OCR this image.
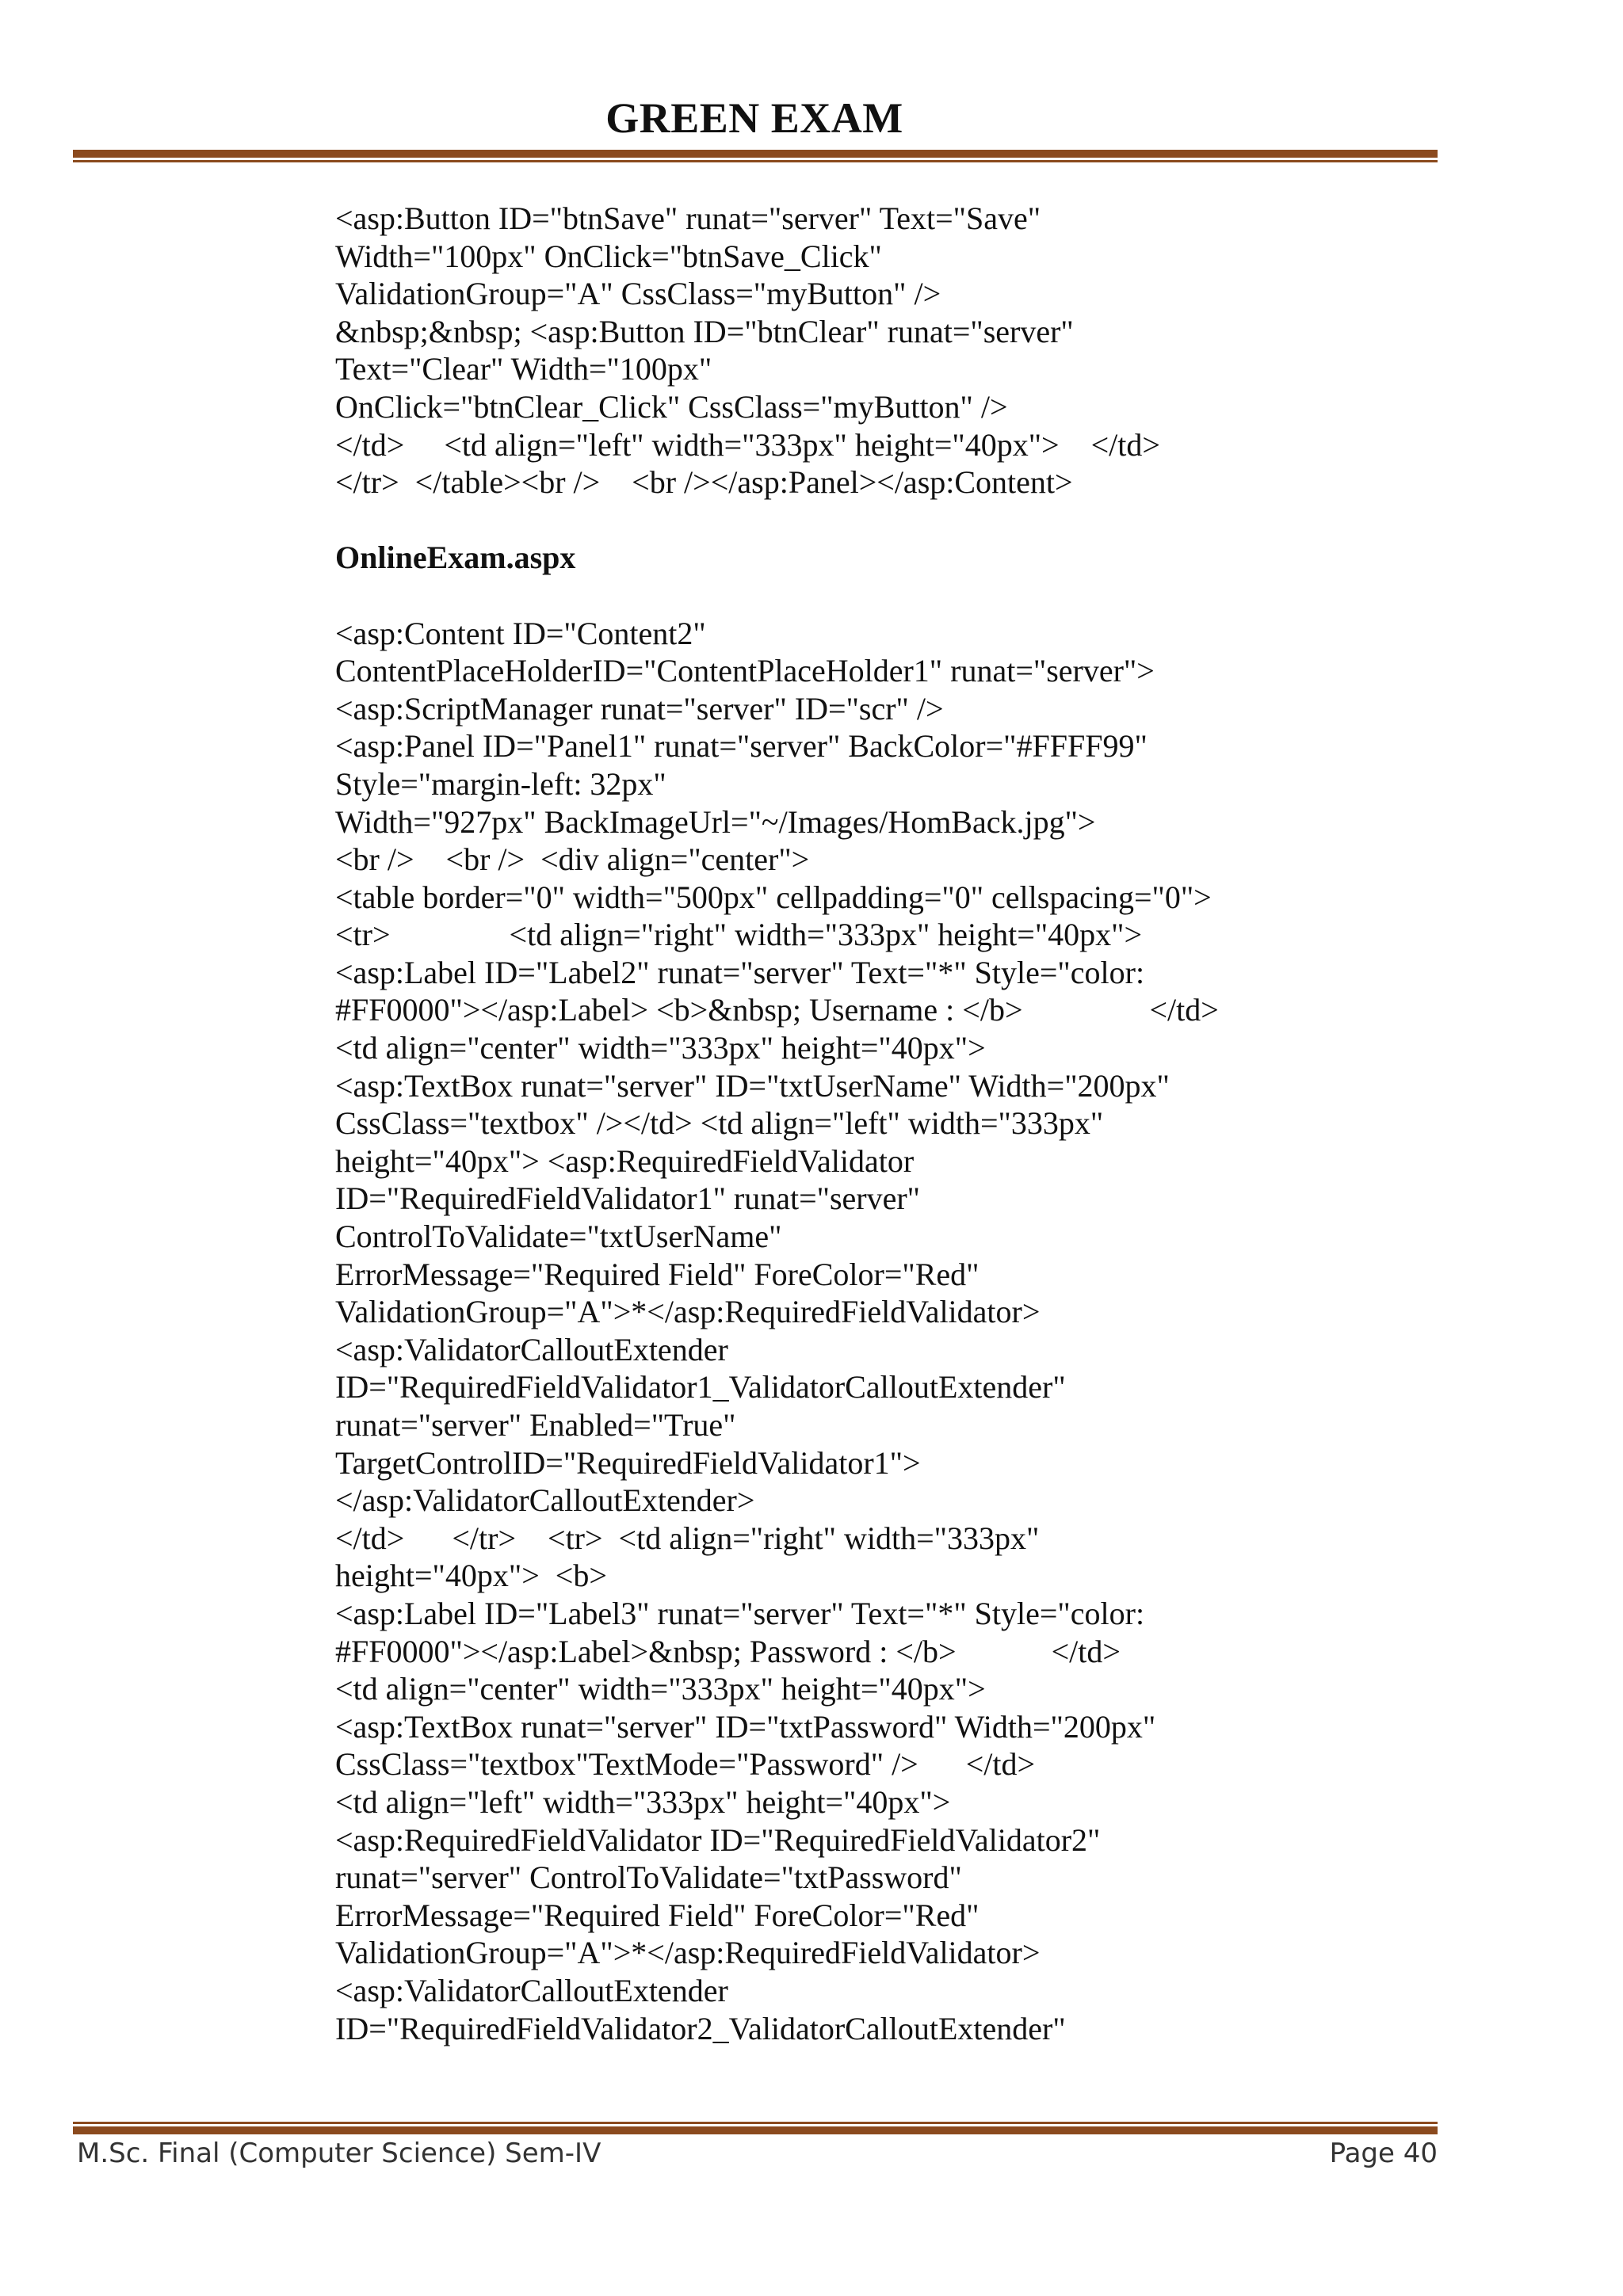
GREEN EXAM
<asp:Button ID="btnSave" runat="server" Text="Save"
Width="100px" OnClick="btnSave_Click"
ValidationGroup="A" CssClass="myButton" />
&nbsp;&nbsp; <asp:Button ID="btnClear" runat="server"
Text="Clear" Width="100px"
OnClick="btnClear_Click" CssClass="myButton" />
</td>     <td align="left" width="333px" height="40px">    </td>
</tr>  </table><br />    <br /></asp:Panel></asp:Content>
OnlineExam.aspx
<asp:Content ID="Content2"
ContentPlaceHolderID="ContentPlaceHolder1" runat="server">
<asp:ScriptManager runat="server" ID="scr" />
<asp:Panel ID="Panel1" runat="server" BackColor="#FFFF99"
Style="margin-left: 32px"
Width="927px" BackImageUrl="~/Images/HomBack.jpg">
<br />    <br />  <div align="center">
<table border="0" width="500px" cellpadding="0" cellspacing="0">
<tr>               <td align="right" width="333px" height="40px">
<asp:Label ID="Label2" runat="server" Text="*" Style="color:
#FF0000"></asp:Label> <b>&nbsp; Username : </b>                </td>
<td align="center" width="333px" height="40px">
<asp:TextBox runat="server" ID="txtUserName" Width="200px"
CssClass="textbox" /></td> <td align="left" width="333px"
height="40px"> <asp:RequiredFieldValidator
ID="RequiredFieldValidator1" runat="server"
ControlToValidate="txtUserName"
ErrorMessage="Required Field" ForeColor="Red"
ValidationGroup="A">*</asp:RequiredFieldValidator>
<asp:ValidatorCalloutExtender
ID="RequiredFieldValidator1_ValidatorCalloutExtender"
runat="server" Enabled="True"
TargetControlID="RequiredFieldValidator1">
</asp:ValidatorCalloutExtender>
</td>      </tr>    <tr>  <td align="right" width="333px"
height="40px">  <b>
<asp:Label ID="Label3" runat="server" Text="*" Style="color:
#FF0000"></asp:Label>&nbsp; Password : </b>            </td>
<td align="center" width="333px" height="40px">
<asp:TextBox runat="server" ID="txtPassword" Width="200px"
CssClass="textbox"TextMode="Password" />      </td>
<td align="left" width="333px" height="40px">
<asp:RequiredFieldValidator ID="RequiredFieldValidator2"
runat="server" ControlToValidate="txtPassword"
ErrorMessage="Required Field" ForeColor="Red"
ValidationGroup="A">*</asp:RequiredFieldValidator>
<asp:ValidatorCalloutExtender
ID="RequiredFieldValidator2_ValidatorCalloutExtender"
M.Sc. Final (Computer Science) Sem-IV	Page 40
